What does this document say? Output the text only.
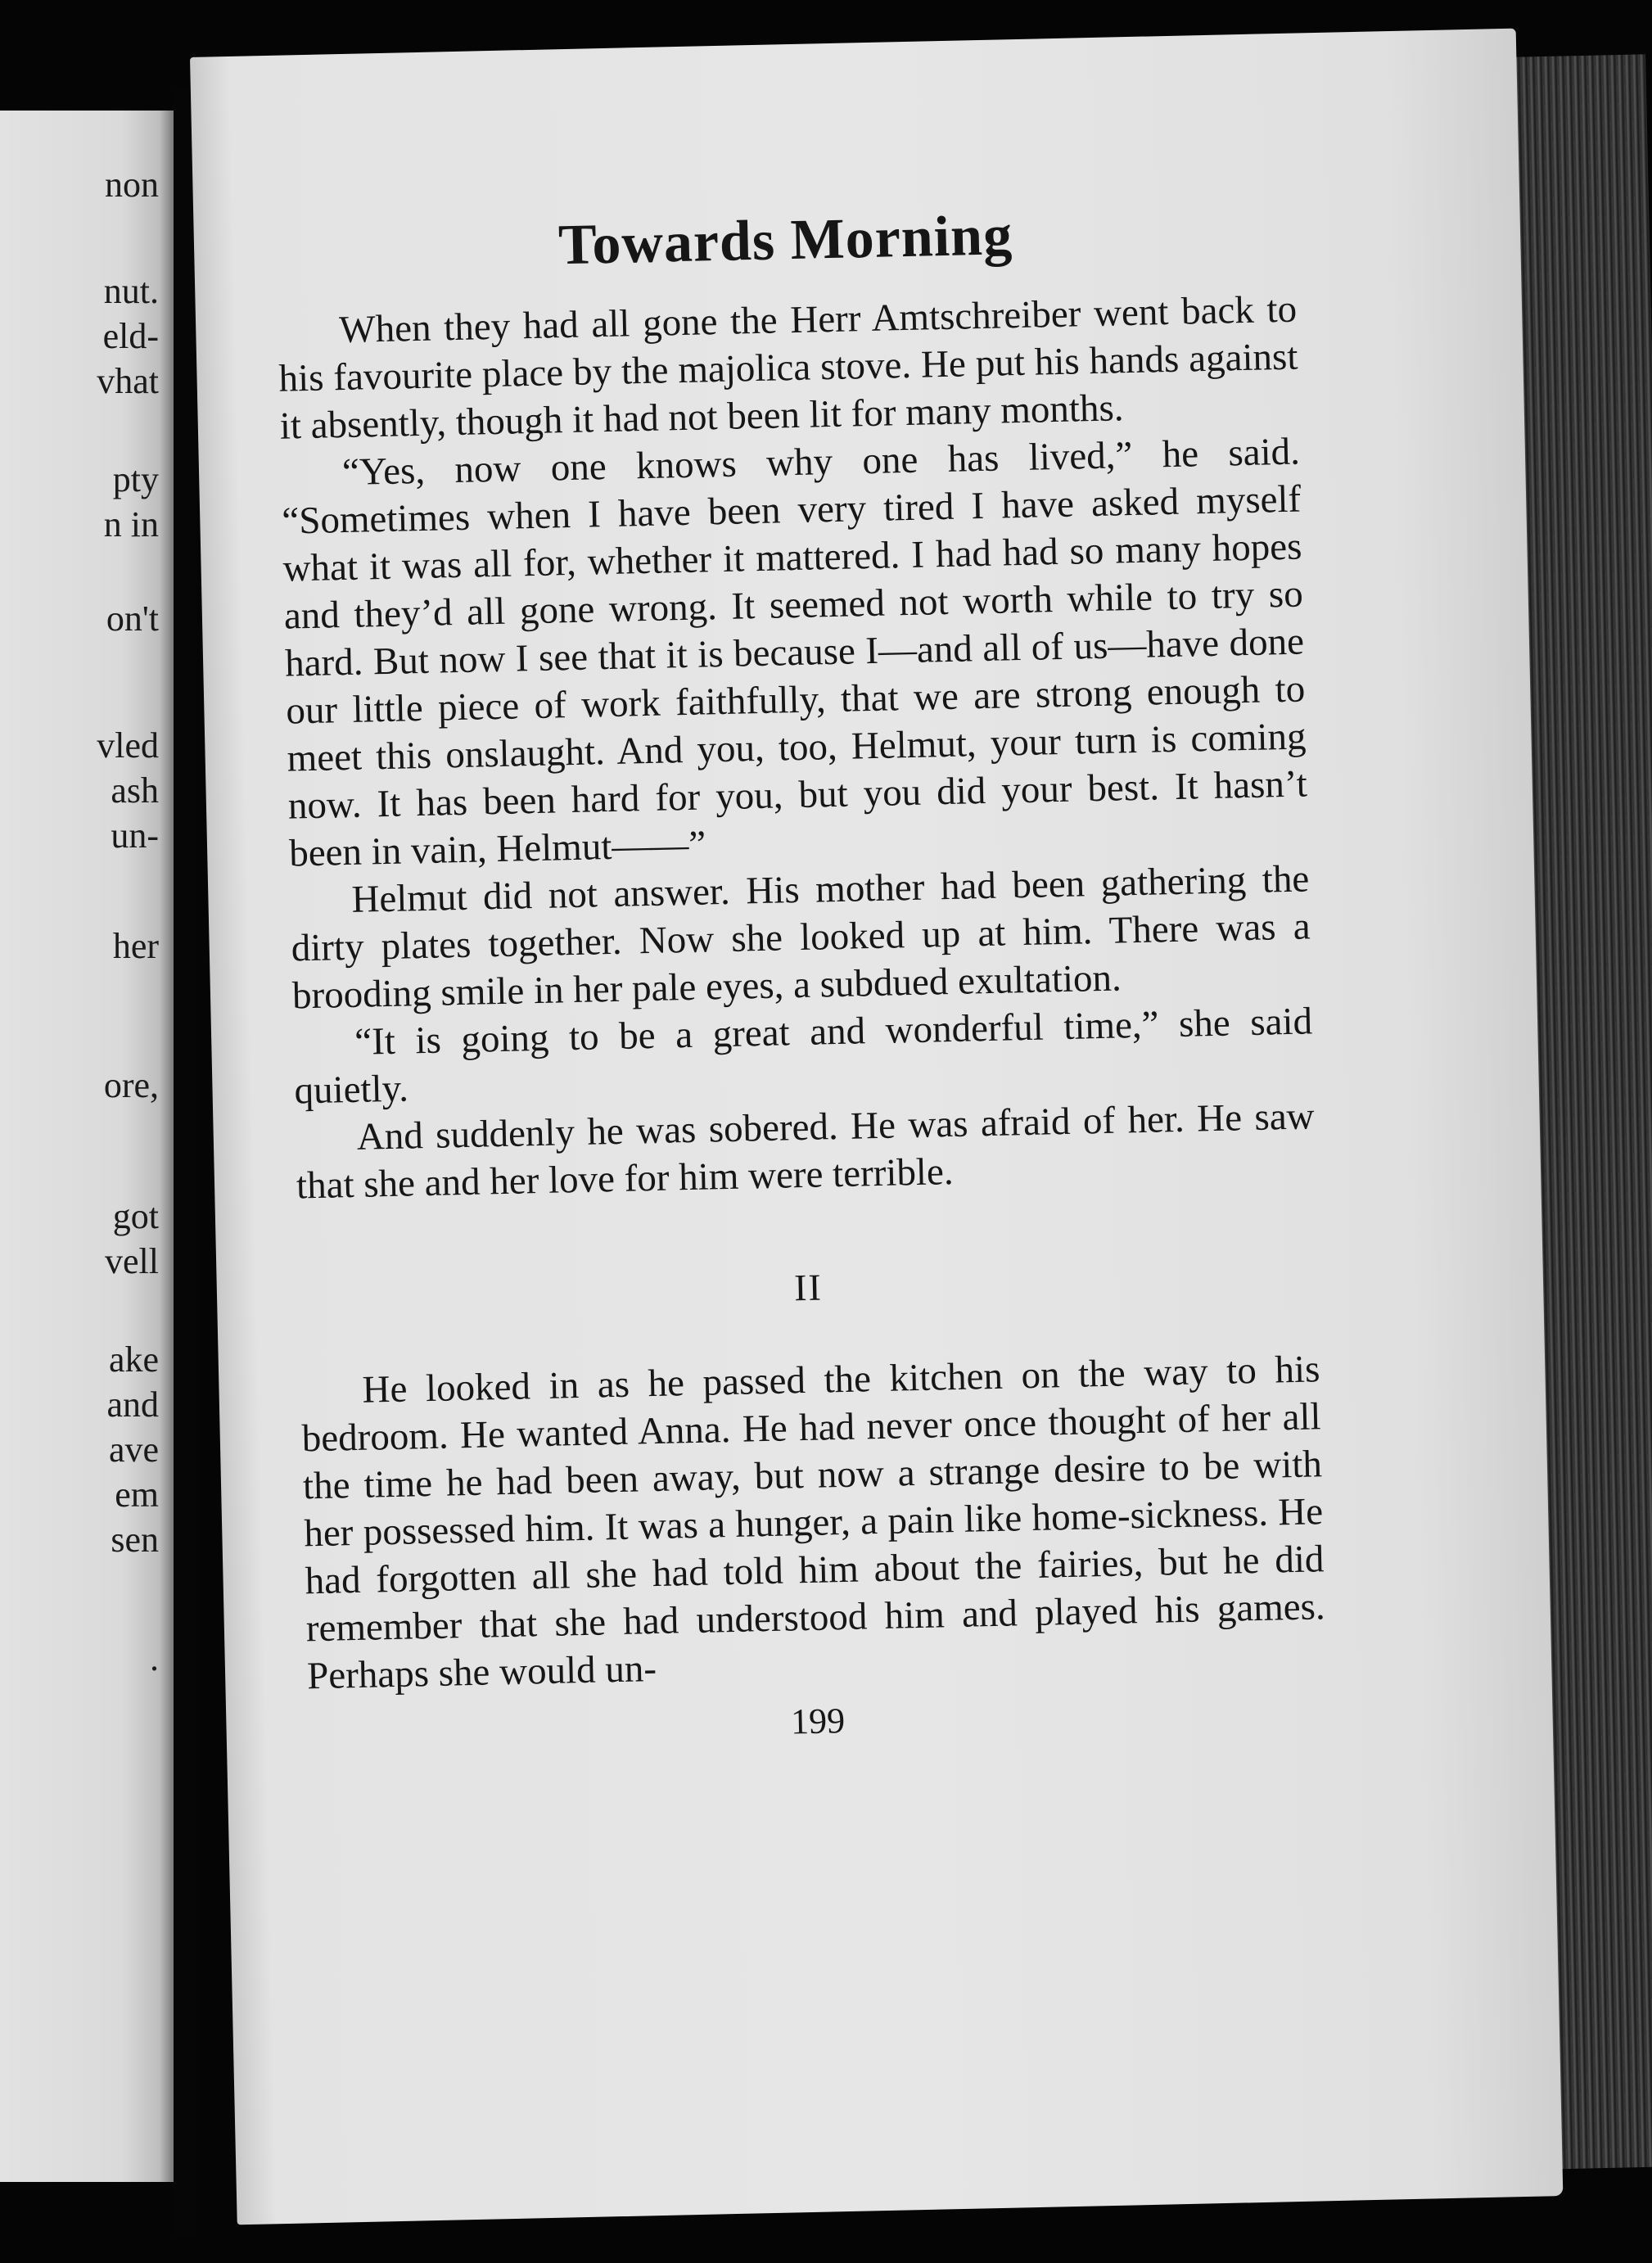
non
nut.
eld-
vhat
pty
n in
on't
vled
ash
un-
her
ore,
got
vell
ake
and
ave
em
sen
.
Towards Morning

When they had all gone the Herr Amtschreiber went back to his favourite place by the majolica stove. He put his hands against it absently, though it had not been lit for many months.

“Yes, now one knows why one has lived,” he said. “Sometimes when I have been very tired I have asked myself what it was all for, whether it mattered. I had had so many hopes and they’d all gone wrong. It seemed not worth while to try so hard. But now I see that it is because I—and all of us—have done our little piece of work faithfully, that we are strong enough to meet this onslaught. And you, too, Helmut, your turn is coming now. It has been hard for you, but you did your best. It hasn’t been in vain, Helmut——”

Helmut did not answer. His mother had been gathering the dirty plates together. Now she looked up at him. There was a brooding smile in her pale eyes, a subdued exultation.

“It is going to be a great and wonderful time,” she said quietly.

And suddenly he was sobered. He was afraid of her. He saw that she and her love for him were terrible.

II

He looked in as he passed the kitchen on the way to his bedroom. He wanted Anna. He had never once thought of her all the time he had been away, but now a strange desire to be with her possessed him. It was a hunger, a pain like home-sickness. He had forgotten all she had told him about the fairies, but he did remember that she had understood him and played his games. Perhaps she would un-

199
